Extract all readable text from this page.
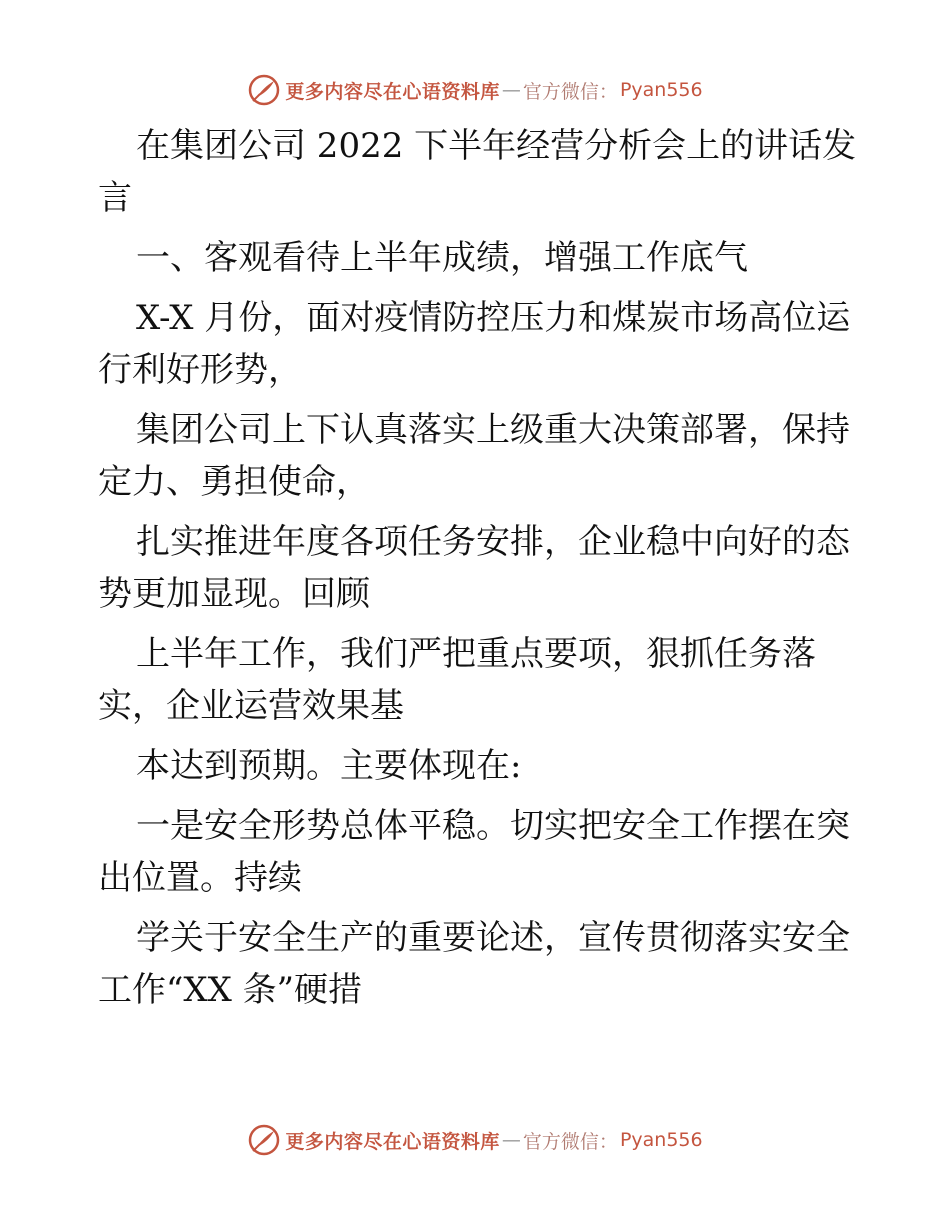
更多内容尽在心语资料库 — 官方微信： Pyan556

在集团公司 2022 下半年经营分析会上的讲话发言

一、客观看待上半年成绩，增强工作底气

X-X 月份，面对疫情防控压力和煤炭市场高位运行利好形势，

集团公司上下认真落实上级重大决策部署，保持定力、勇担使命，

扎实推进年度各项任务安排，企业稳中向好的态势更加显现。回顾

上半年工作，我们严把重点要项，狠抓任务落实，企业运营效果基

本达到预期。主要体现在:

一是安全形势总体平稳。切实把安全工作摆在突出位置。持续

学关于安全生产的重要论述，宣传贯彻落实安全工作“XX 条”硬措

更多内容尽在心语资料库 — 官方微信： Pyan556
